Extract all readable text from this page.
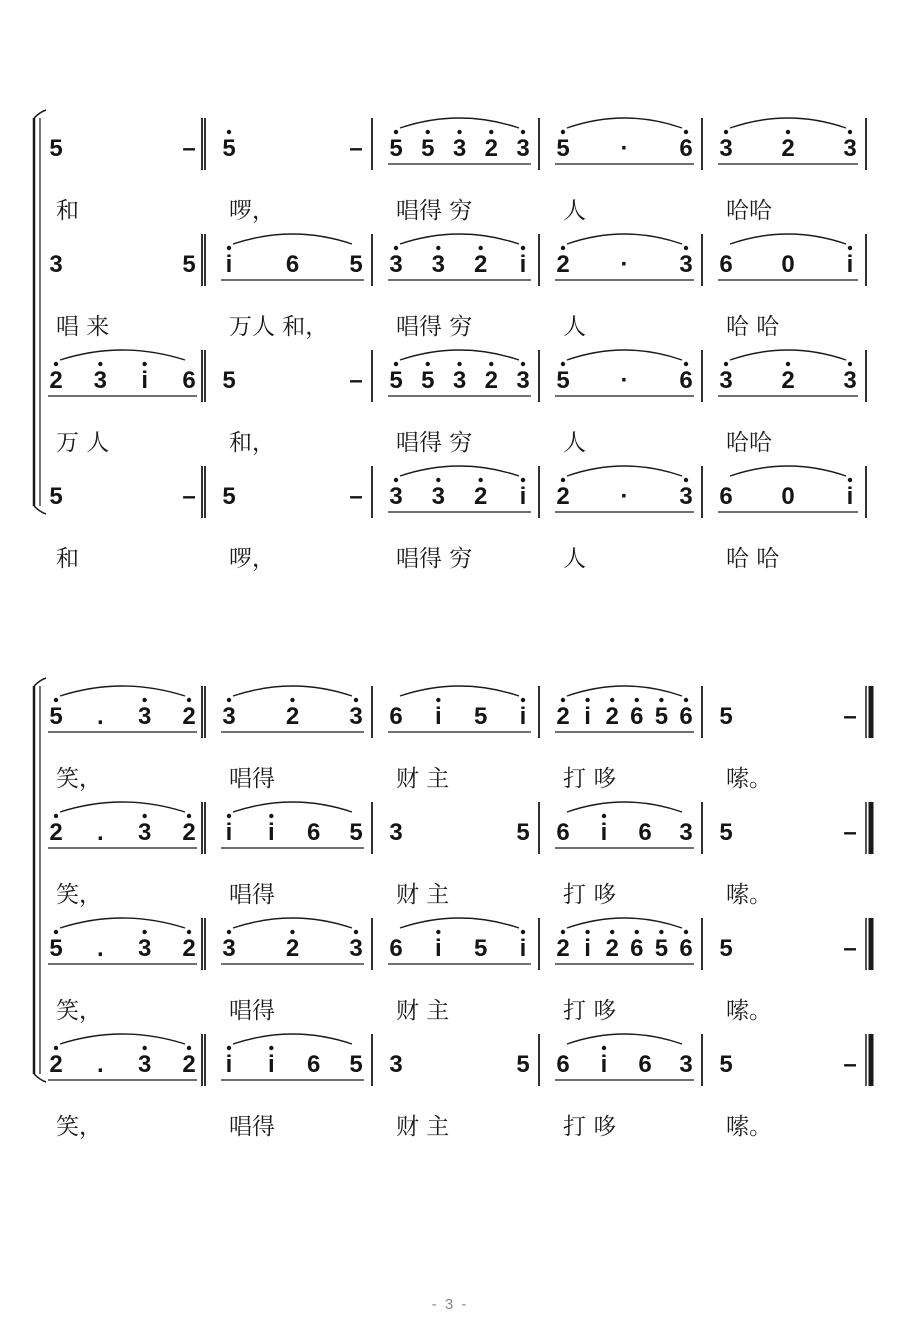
5	– 5	– 5 5 3 2 3 5 · 6 3 2 3
和	啰，	唱得 穷	人	哈哈
3	5 i 6 5 3 3 2 i 2 · 3 6 0 i
唱 来	万人 和，	唱得 穷	人	哈 哈
2 3 i 6 5	– 5 5 3 2 3 5 · 6 3 2 3
万 人	和，	唱得 穷	人	哈哈
5	– 5	– 3 3 2 i 2 · 3 6 0 i
和	啰，	唱得 穷	人	哈 哈
5 . 3 2 3 2 3 6 i 5 i 2 i 2 6 5 6 5	–
笑，	唱得	财 主	打 哆	嗦。
2 . 3 2 i i 6 5 3	5 6 i 6 3 5	–
笑，	唱得	财 主	打 哆	嗦。
5 . 3 2 3 2 3 6 i 5 i 2 i 2 6 5 6 5	–
笑，	唱得	财 主	打 哆	嗦。
2 . 3 2 i i 6 5 3	5 6 i 6 3 5	–
笑，	唱得	财 主	打 哆	嗦。
- 3 -
